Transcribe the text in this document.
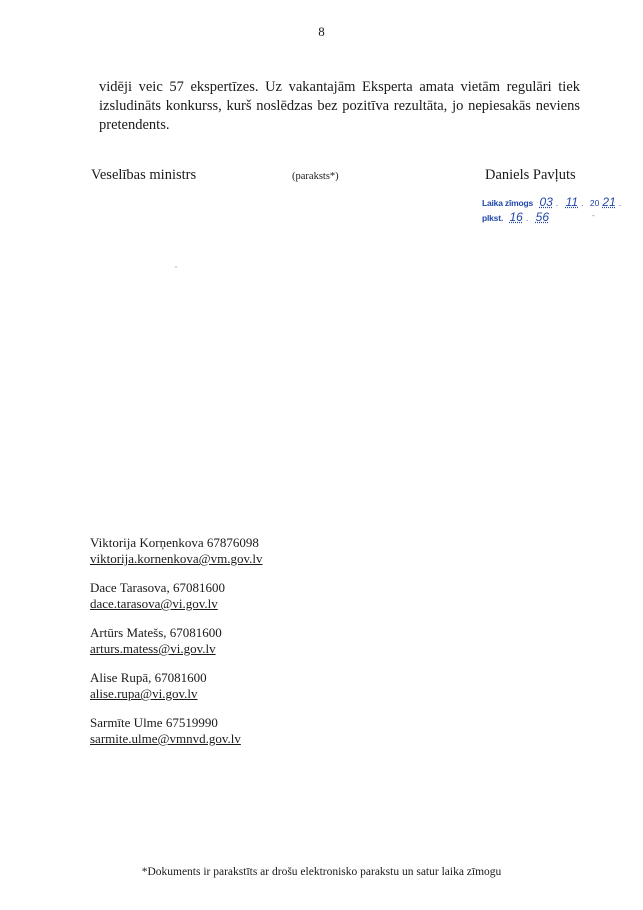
8

vidēji veic 57 ekspertīzes. Uz vakantajām Eksperta amata vietām regulāri tiek izsludināts konkurss, kurš noslēdzas bez pozitīva rezultāta, jo nepiesakās neviens pretendents.

Veselības ministrs	(paraksts*)	Daniels Pavļuts
Laika zīmogs 03 . 11 . 20 21 .
plkst. 16 . 56	-
Viktorija Korņenkova 67876098
viktorija.kornenkova@vm.gov.lv
Dace Tarasova, 67081600
dace.tarasova@vi.gov.lv
Artūrs Matešs, 67081600
arturs.matess@vi.gov.lv
Alise Rupā, 67081600
alise.rupa@vi.gov.lv
Sarmīte Ulme 67519990
sarmite.ulme@vmnvd.gov.lv
*Dokuments ir parakstīts ar drošu elektronisko parakstu un satur laika zīmogu
